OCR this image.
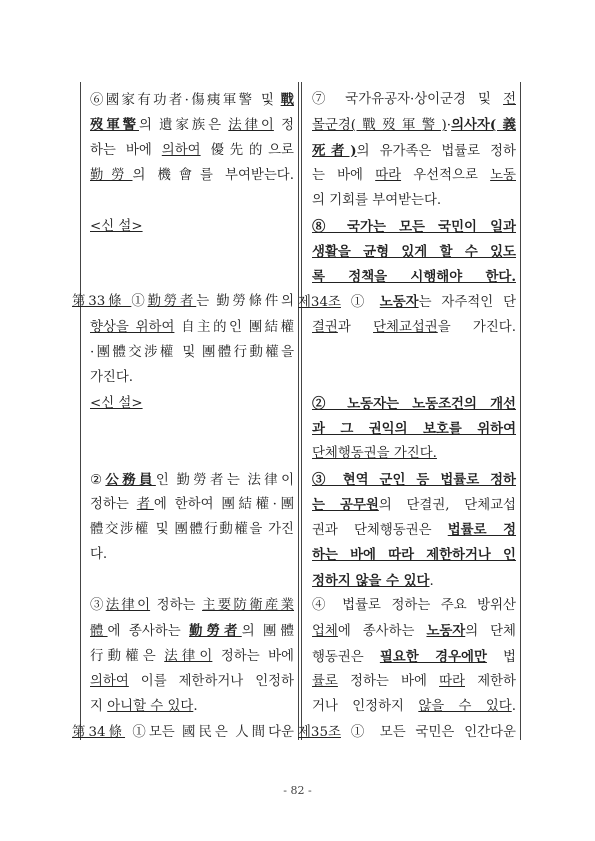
⑥國家有功者·傷痍軍警 및 戰
歿軍警의 遺家族은 法律이 정
하는 바에 의하여 優先的으로
勤勞의 機會를 부여받는다.
<신 설>
第33條 ①勤勞者는 勤勞條件의
향상을 위하여 自主的인 團結權
·團體交涉權 및 團體行動權을
가진다.
<신 설>
②公務員인 勤勞者는 法律이
정하는 者에 한하여 團結權·團
體交涉權 및 團體行動權을 가진
다.
③法律이 정하는 主要防衛産業
體에 종사하는 勤勞者의 團體
行動權은 法律이 정하는 바에
의하여 이를 제한하거나 인정하
지 아니할 수 있다.
第34條 ①모든 國民은 人間다운
⑦ 국가유공자·상이군경 및 전
몰군경(戰歿軍警)·의사자(義
死者)의 유가족은 법률로 정하
는 바에 따라 우선적으로 노동
의 기회를 부여받는다.
⑧ 국가는 모든 국민이 일과
생활을 균형 있게 할 수 있도
록 정책을 시행해야 한다.
제34조 ① 노동자는 자주적인 단
결권과 단체교섭권을 가진다.
② 노동자는 노동조건의 개선
과 그 권익의 보호를 위하여
단체행동권을 가진다.
③ 현역 군인 등 법률로 정하
는 공무원의 단결권, 단체교섭
권과 단체행동권은 법률로 정
하는 바에 따라 제한하거나 인
정하지 않을 수 있다.
④ 법률로 정하는 주요 방위산
업체에 종사하는 노동자의 단체
행동권은 필요한 경우에만 법
률로 정하는 바에 따라 제한하
거나 인정하지 않을 수 있다.
제35조 ① 모든 국민은 인간다운
- 82 -
